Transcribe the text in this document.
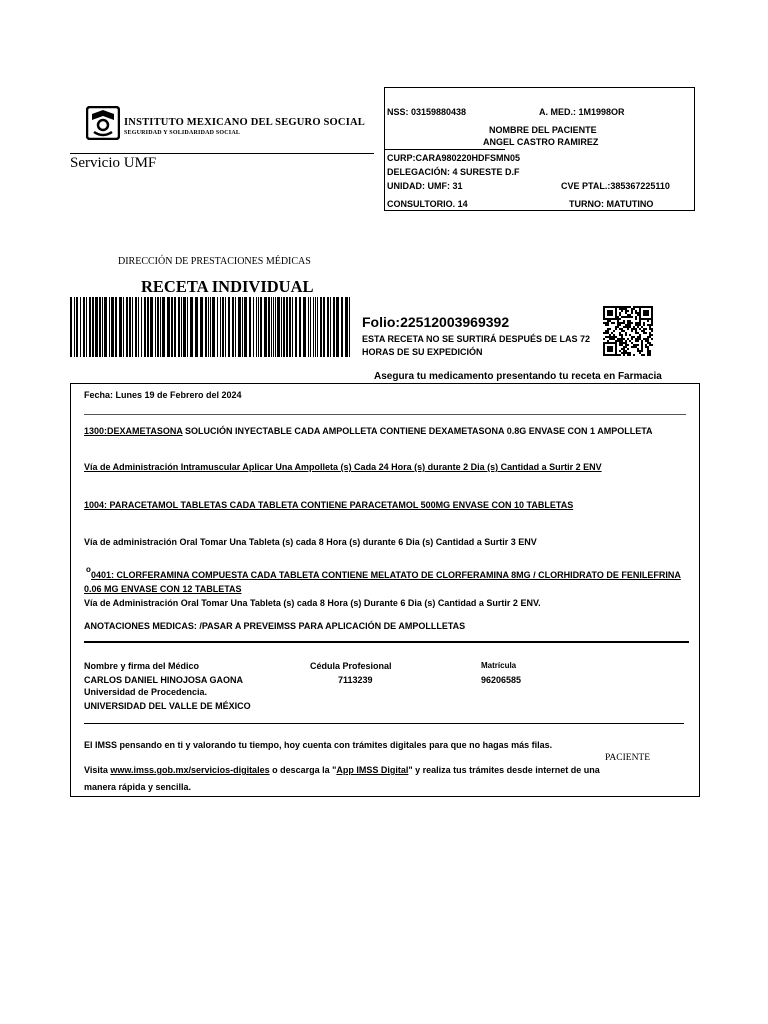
INSTITUTO MEXICANO DEL SEGURO SOCIAL
SEGURIDAD Y SOLIDARIDAD SOCIAL
Servicio UMF
NSS: 03159880438	A. MED.: 1M1998OR
NOMBRE DEL PACIENTE
ANGEL CASTRO RAMIREZ
CURP:CARA980220HDFSMN05
DELEGACIÓN: 4 SURESTE D.F
UNIDAD: UMF: 31	CVE PTAL.:385367225110
CONSULTORIO. 14	TURNO: MATUTINO
DIRECCIÓN DE PRESTACIONES MÉDICAS
RECETA INDIVIDUAL
Folio:22512003969392
ESTA RECETA NO SE SURTIRÁ DESPUÉS DE LAS 72
HORAS DE SU EXPEDICIÓN
Asegura tu medicamento presentando tu receta en Farmacia
Fecha: Lunes 19 de Febrero del 2024
1300:DEXAMETASONA SOLUCIÓN INYECTABLE CADA AMPOLLETA CONTIENE DEXAMETASONA 0.8G ENVASE CON 1 AMPOLLETA
Vía de Administración Intramuscular Aplicar Una Ampolleta (s) Cada 24 Hora (s) durante 2 Dia (s) Cantidad a Surtir 2 ENV
1004: PARACETAMOL TABLETAS CADA TABLETA CONTIENE PARACETAMOL 500MG ENVASE CON 10 TABLETAS
Vía de administración Oral Tomar Una Tableta (s) cada 8 Hora (s) durante 6 Dia (s) Cantidad a Surtir 3 ENV
o
0401: CLORFERAMINA COMPUESTA CADA TABLETA CONTIENE MELATATO DE CLORFERAMINA 8MG / CLORHIDRATO DE FENILEFRINA
0.06 MG ENVASE CON 12 TABLETAS
Vía de Administración Oral Tomar Una Tableta (s) cada 8 Hora (s) Durante 6 Dia (s) Cantidad a Surtir 2 ENV.
ANOTACIONES MEDICAS: /PASAR A PREVEIMSS PARA APLICACIÓN DE AMPOLLLETAS
Nombre y firma del Médico	Cédula Profesional	Matrícula
CARLOS DANIEL HINOJOSA GAONA	7113239	96206585
Universidad de Procedencia.
UNIVERSIDAD DEL VALLE DE MÉXICO
El IMSS pensando en ti y valorando tu tiempo, hoy cuenta con trámites digitales para que no hagas más filas.
PACIENTE
Visita www.imss.gob.mx/servicios-digitales o descarga la "App IMSS Digital" y realiza tus trámites desde internet de una
manera rápida y sencilla.
